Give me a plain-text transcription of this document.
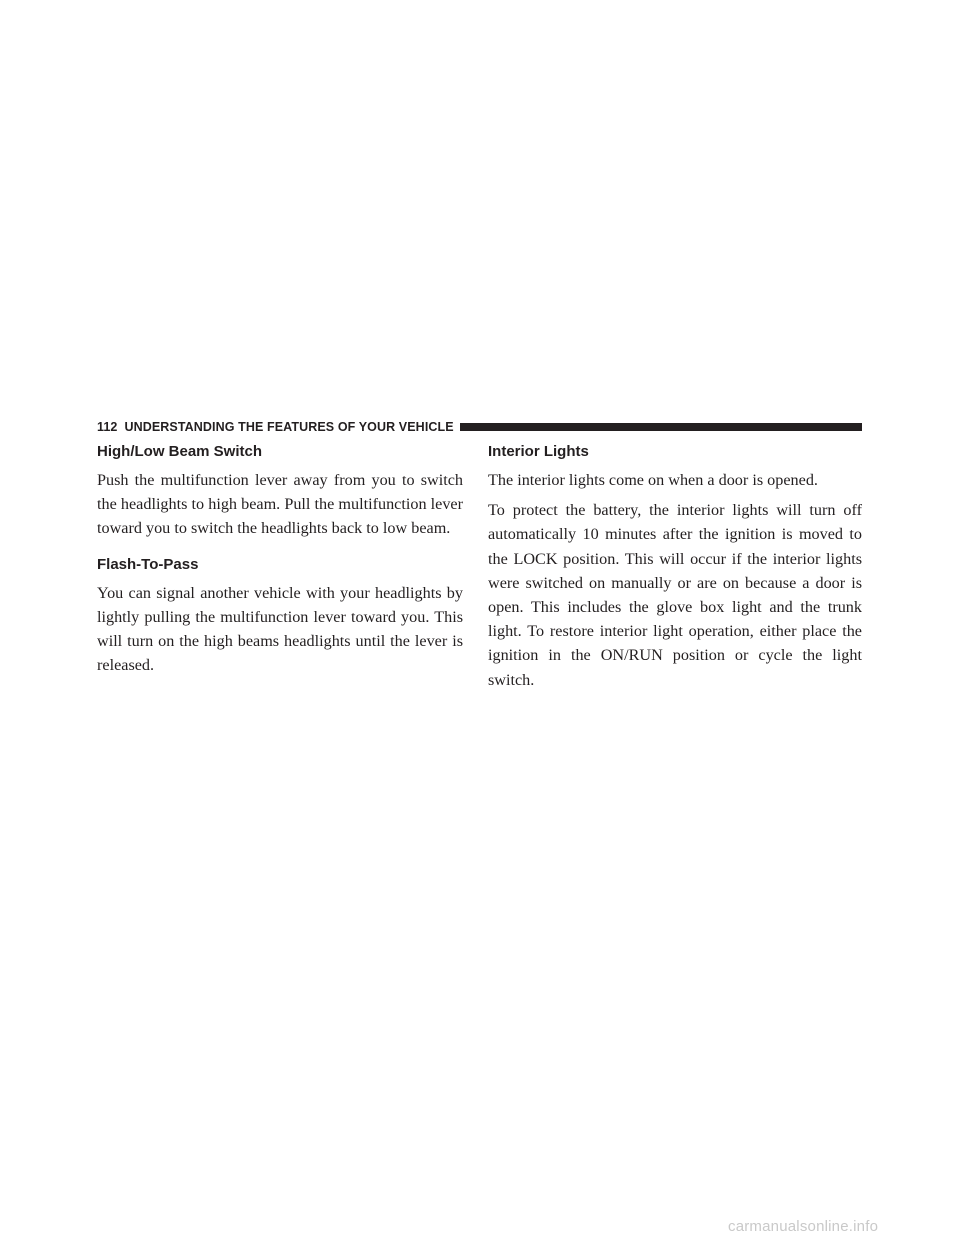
112 UNDERSTANDING THE FEATURES OF YOUR VEHICLE
High/Low Beam Switch

Push the multifunction lever away from you to switch the headlights to high beam. Pull the multifunction lever toward you to switch the headlights back to low beam.

Flash-To-Pass

You can signal another vehicle with your headlights by lightly pulling the multifunction lever toward you. This will turn on the high beams headlights until the lever is released.

Interior Lights

The interior lights come on when a door is opened.

To protect the battery, the interior lights will turn off automatically 10 minutes after the ignition is moved to the LOCK position. This will occur if the interior lights were switched on manually or are on because a door is open. This includes the glove box light and the trunk light. To restore interior light operation, either place the ignition in the ON/RUN position or cycle the light switch.

carmanualsonline.info
